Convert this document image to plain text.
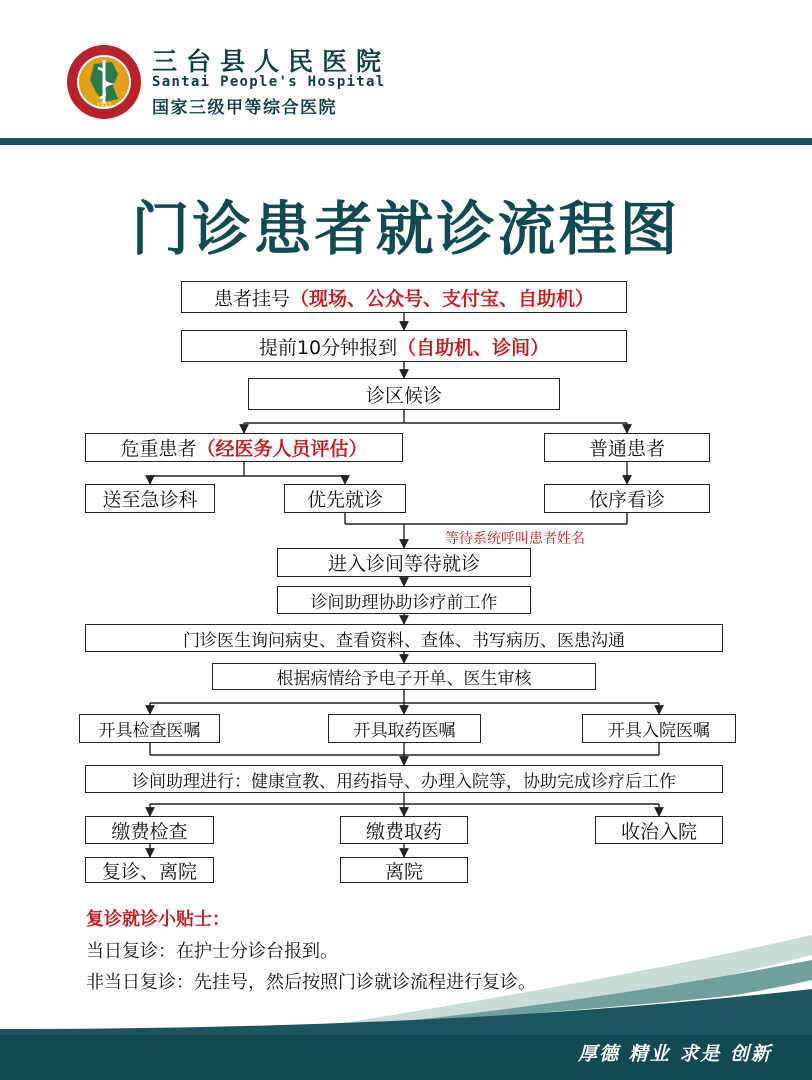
1932
三台县人民医院
Santai People's Hospital
国家三级甲等综合医院
门诊患者就诊流程图
患者挂号 （现场、公众号、支付宝、自助机）
提前10分钟报到 （自助机、诊间）
诊区候诊
危重患者 （经医务人员评估）	普通患者
送至急诊科	优先就诊	依序看诊
等待系统呼叫患者姓名
进入诊间等待就诊
诊间助理协助诊疗前工作
门诊医生询问病史、查看资料、查体、书写病历、医患沟通
根据病情给予电子开单、医生审核
开具检查医嘱	开具取药医嘱	开具入院医嘱
诊间助理进行：健康宣教、用药指导、办理入院等，协助完成诊疗后工作
缴费检查	缴费取药	收治入院
复诊、离院	离院
复诊就诊小贴士：
当日复诊：在护士分诊台报到。
非当日复诊：先挂号，然后按照门诊就诊流程进行复诊。
厚德 精业 求是 创新
